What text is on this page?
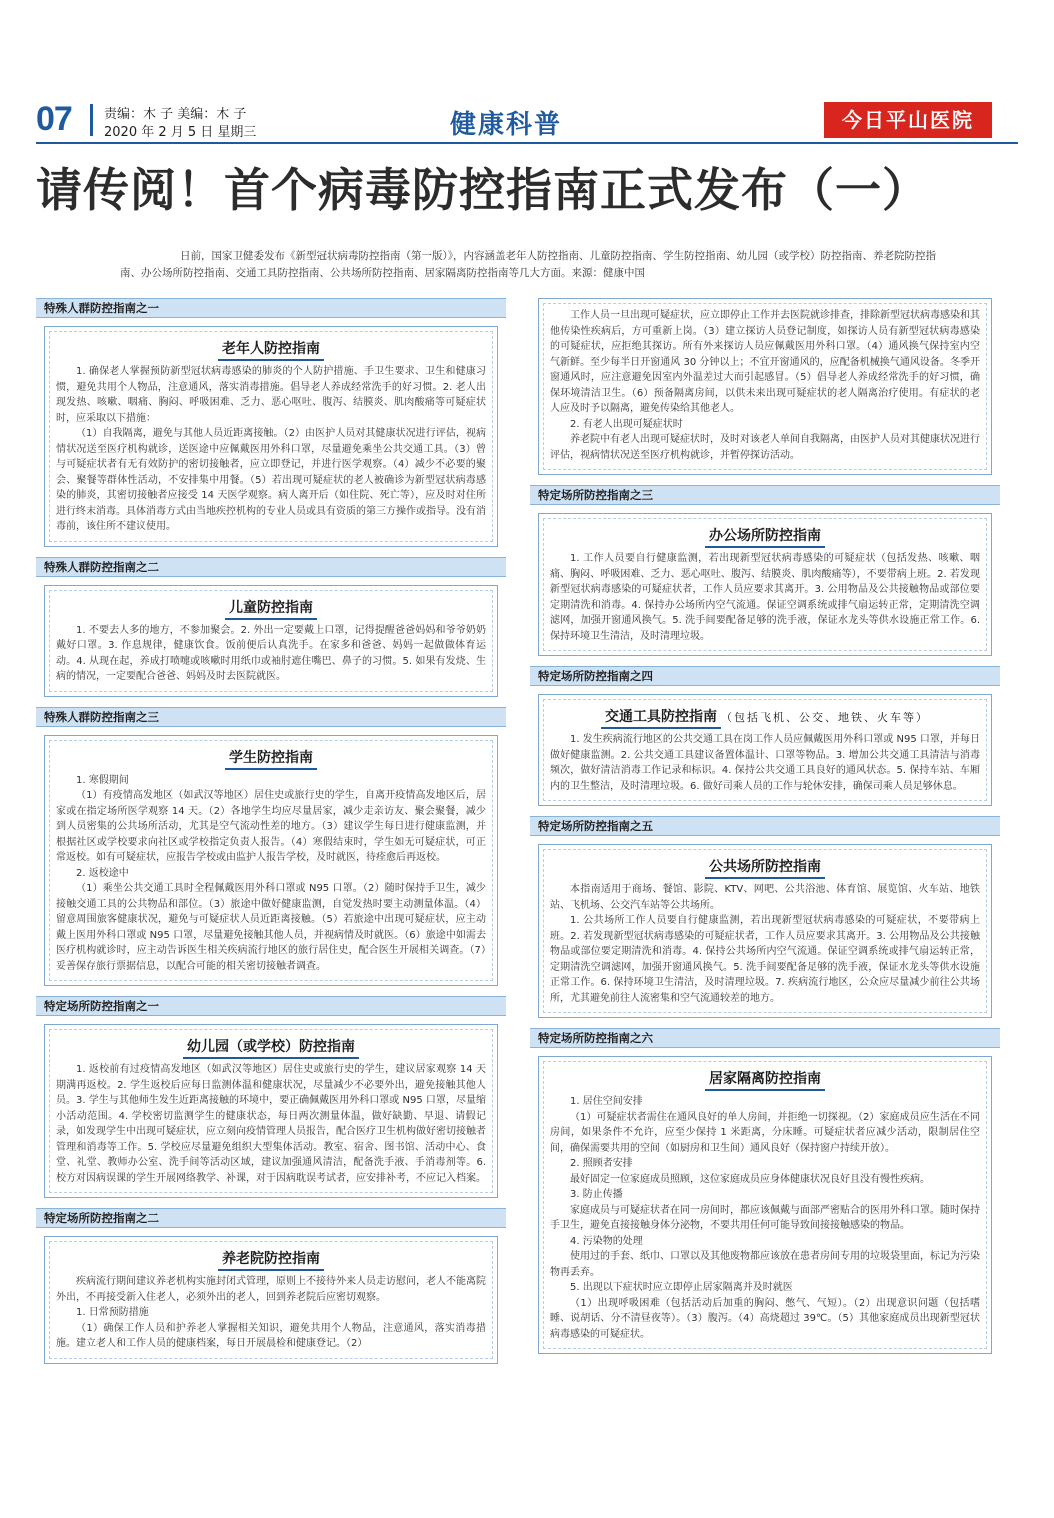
07 责编：木 子 美编：木 子
2020 年 2 月 5 日 星期三	健康科普	今日平山医院
请传阅！首个病毒防控指南正式发布（一）
日前，国家卫健委发布《新型冠状病毒防控指南（第一版）》，内容涵盖老年人防控指南、儿童防控指南、学生防控指南、幼儿园（或学校）防控指南、养老院防控指南、办公场所防控指南、交通工具防控指南、公共场所防控指南、居家隔离防控指南等几大方面。来源：健康中国
特殊人群防控指南之一
老年人防控指南

1. 确保老人掌握预防新型冠状病毒感染的肺炎的个人防护措施、手卫生要求、卫生和健康习惯，避免共用个人物品，注意通风，落实消毒措施。倡导老人养成经常洗手的好习惯。2. 老人出现发热、咳嗽、咽痛、胸闷、呼吸困难、乏力、恶心呕吐、腹泻、结膜炎、肌肉酸痛等可疑症状时，应采取以下措施：

（1）自我隔离，避免与其他人员近距离接触。（2）由医护人员对其健康状况进行评估，视病情状况送至医疗机构就诊，送医途中应佩戴医用外科口罩，尽量避免乘坐公共交通工具。（3）曾与可疑症状者有无有效防护的密切接触者，应立即登记，并进行医学观察。（4）减少不必要的聚会、聚餐等群体性活动，不安排集中用餐。（5）若出现可疑症状的老人被确诊为新型冠状病毒感染的肺炎，其密切接触者应接受 14 天医学观察。病人离开后（如住院、死亡等），应及时对住所进行终末消毒。具体消毒方式由当地疾控机构的专业人员或具有资质的第三方操作或指导。没有消毒前，该住所不建议使用。

特殊人群防控指南之二
儿童防控指南

1. 不要去人多的地方，不参加聚会。2. 外出一定要戴上口罩，记得提醒爸爸妈妈和爷爷奶奶戴好口罩。3. 作息规律，健康饮食。饭前便后认真洗手。在家多和爸爸、妈妈一起做做体育运动。4. 从现在起，养成打喷嚏或咳嗽时用纸巾或袖肘遮住嘴巴、鼻子的习惯。5. 如果有发烧、生病的情况，一定要配合爸爸、妈妈及时去医院就医。

特殊人群防控指南之三
学生防控指南

1. 寒假期间

（1）有疫情高发地区（如武汉等地区）居住史或旅行史的学生，自离开疫情高发地区后，居家或在指定场所医学观察 14 天。（2）各地学生均应尽量居家，减少走亲访友、聚会聚餐，减少到人员密集的公共场所活动，尤其是空气流动性差的地方。（3）建议学生每日进行健康监测，并根据社区或学校要求向社区或学校指定负责人报告。（4）寒假结束时，学生如无可疑症状，可正常返校。如有可疑症状，应报告学校或由监护人报告学校，及时就医，待痊愈后再返校。

2. 返校途中

（1）乘坐公共交通工具时全程佩戴医用外科口罩或 N95 口罩。（2）随时保持手卫生，减少接触交通工具的公共物品和部位。（3）旅途中做好健康监测，自觉发热时要主动测量体温。（4）留意周围旅客健康状况，避免与可疑症状人员近距离接触。（5）若旅途中出现可疑症状，应主动戴上医用外科口罩或 N95 口罩，尽量避免接触其他人员，并视病情及时就医。（6）旅途中如需去医疗机构就诊时，应主动告诉医生相关疾病流行地区的旅行居住史，配合医生开展相关调查。（7）妥善保存旅行票据信息，以配合可能的相关密切接触者调查。

特定场所防控指南之一
幼儿园（或学校）防控指南

1. 返校前有过疫情高发地区（如武汉等地区）居住史或旅行史的学生，建议居家观察 14 天期满再返校。2. 学生返校后应每日监测体温和健康状况，尽量减少不必要外出，避免接触其他人员。3. 学生与其他师生发生近距离接触的环境中，要正确佩戴医用外科口罩或 N95 口罩，尽量缩小活动范围。4. 学校密切监测学生的健康状态，每日两次测量体温，做好缺勤、早退、请假记录，如发现学生中出现可疑症状，应立刻向疫情管理人员报告，配合医疗卫生机构做好密切接触者管理和消毒等工作。5. 学校应尽量避免组织大型集体活动。教室、宿舍、图书馆、活动中心、食堂、礼堂、教师办公室、洗手间等活动区域，建议加强通风清洁，配备洗手液、手消毒剂等。6. 校方对因病误课的学生开展网络教学、补课，对于因病耽误考试者，应安排补考，不应记入档案。

特定场所防控指南之二
养老院防控指南

疾病流行期间建议养老机构实施封闭式管理，原则上不接待外来人员走访慰问，老人不能离院外出，不再接受新入住老人，必须外出的老人，回到养老院后应密切观察。

1. 日常预防措施

（1）确保工作人员和护养老人掌握相关知识，避免共用个人物品，注意通风，落实消毒措施。建立老人和工作人员的健康档案，每日开展晨检和健康登记。（2）

工作人员一旦出现可疑症状，应立即停止工作并去医院就诊排查，排除新型冠状病毒感染和其他传染性疾病后，方可重新上岗。（3）建立探访人员登记制度，如探访人员有新型冠状病毒感染的可疑症状，应拒绝其探访。所有外来探访人员应佩戴医用外科口罩。（4）通风换气保持室内空气新鲜。至少每半日开窗通风 30 分钟以上；不宜开窗通风的，应配备机械换气通风设备。冬季开窗通风时，应注意避免因室内外温差过大而引起感冒。（5）倡导老人养成经常洗手的好习惯，确保环境清洁卫生。（6）预备隔离房间，以供未来出现可疑症状的老人隔离治疗使用。有症状的老人应及时予以隔离，避免传染给其他老人。

2. 有老人出现可疑症状时

养老院中有老人出现可疑症状时，及时对该老人单间自我隔离，由医护人员对其健康状况进行评估，视病情状况送至医疗机构就诊，并暂停探访活动。

特定场所防控指南之三
办公场所防控指南

1. 工作人员要自行健康监测，若出现新型冠状病毒感染的可疑症状（包括发热、咳嗽、咽痛、胸闷、呼吸困难、乏力、恶心呕吐、腹泻、结膜炎、肌肉酸痛等），不要带病上班。2. 若发现新型冠状病毒感染的可疑症状者，工作人员应要求其离开。3. 公用物品及公共接触物品或部位要定期清洗和消毒。4. 保持办公场所内空气流通。保证空调系统或排气扇运转正常，定期清洗空调滤网，加强开窗通风换气。5. 洗手间要配备足够的洗手液，保证水龙头等供水设施正常工作。6. 保持环境卫生清洁，及时清理垃圾。

特定场所防控指南之四
交通工具防控指南 （包括飞机、公交、地铁、火车等）

1. 发生疾病流行地区的公共交通工具在岗工作人员应佩戴医用外科口罩或 N95 口罩，并每日做好健康监测。2. 公共交通工具建议备置体温计、口罩等物品。3. 增加公共交通工具清洁与消毒频次，做好清洁消毒工作记录和标识。4. 保持公共交通工具良好的通风状态。5. 保持车站、车厢内的卫生整洁，及时清理垃圾。6. 做好司乘人员的工作与轮休安排，确保司乘人员足够休息。

特定场所防控指南之五
公共场所防控指南

本指南适用于商场、餐馆、影院、KTV、网吧、公共浴池、体育馆、展览馆、火车站、地铁站、飞机场、公交汽车站等公共场所。

1. 公共场所工作人员要自行健康监测，若出现新型冠状病毒感染的可疑症状，不要带病上班。2. 若发现新型冠状病毒感染的可疑症状者，工作人员应要求其离开。3. 公用物品及公共接触物品或部位要定期清洗和消毒。4. 保持公共场所内空气流通。保证空调系统或排气扇运转正常，定期清洗空调滤网，加强开窗通风换气。5. 洗手间要配备足够的洗手液，保证水龙头等供水设施正常工作。6. 保持环境卫生清洁，及时清理垃圾。7. 疾病流行地区，公众应尽量减少前往公共场所，尤其避免前往人流密集和空气流通较差的地方。

特定场所防控指南之六
居家隔离防控指南

1. 居住空间安排

（1）可疑症状者需住在通风良好的单人房间，并拒绝一切探视。（2）家庭成员应生活在不同房间，如果条件不允许，应至少保持 1 米距离，分床睡。可疑症状者应减少活动，限制居住空间，确保需要共用的空间（如厨房和卫生间）通风良好（保持窗户持续开放）。

2. 照顾者安排

最好固定一位家庭成员照顾，这位家庭成员应身体健康状况良好且没有慢性疾病。

3. 防止传播

家庭成员与可疑症状者在同一房间时，都应该佩戴与面部严密贴合的医用外科口罩。随时保持手卫生，避免直接接触身体分泌物，不要共用任何可能导致间接接触感染的物品。

4. 污染物的处理

使用过的手套、纸巾、口罩以及其他废物都应该放在患者房间专用的垃圾袋里面，标记为污染物再丢弃。

5. 出现以下症状时应立即停止居家隔离并及时就医

（1）出现呼吸困难（包括活动后加重的胸闷、憋气、气短）。（2）出现意识问题（包括嗜睡、说胡话、分不清昼夜等）。（3）腹泻。（4）高烧超过 39℃。（5）其他家庭成员出现新型冠状病毒感染的可疑症状。
